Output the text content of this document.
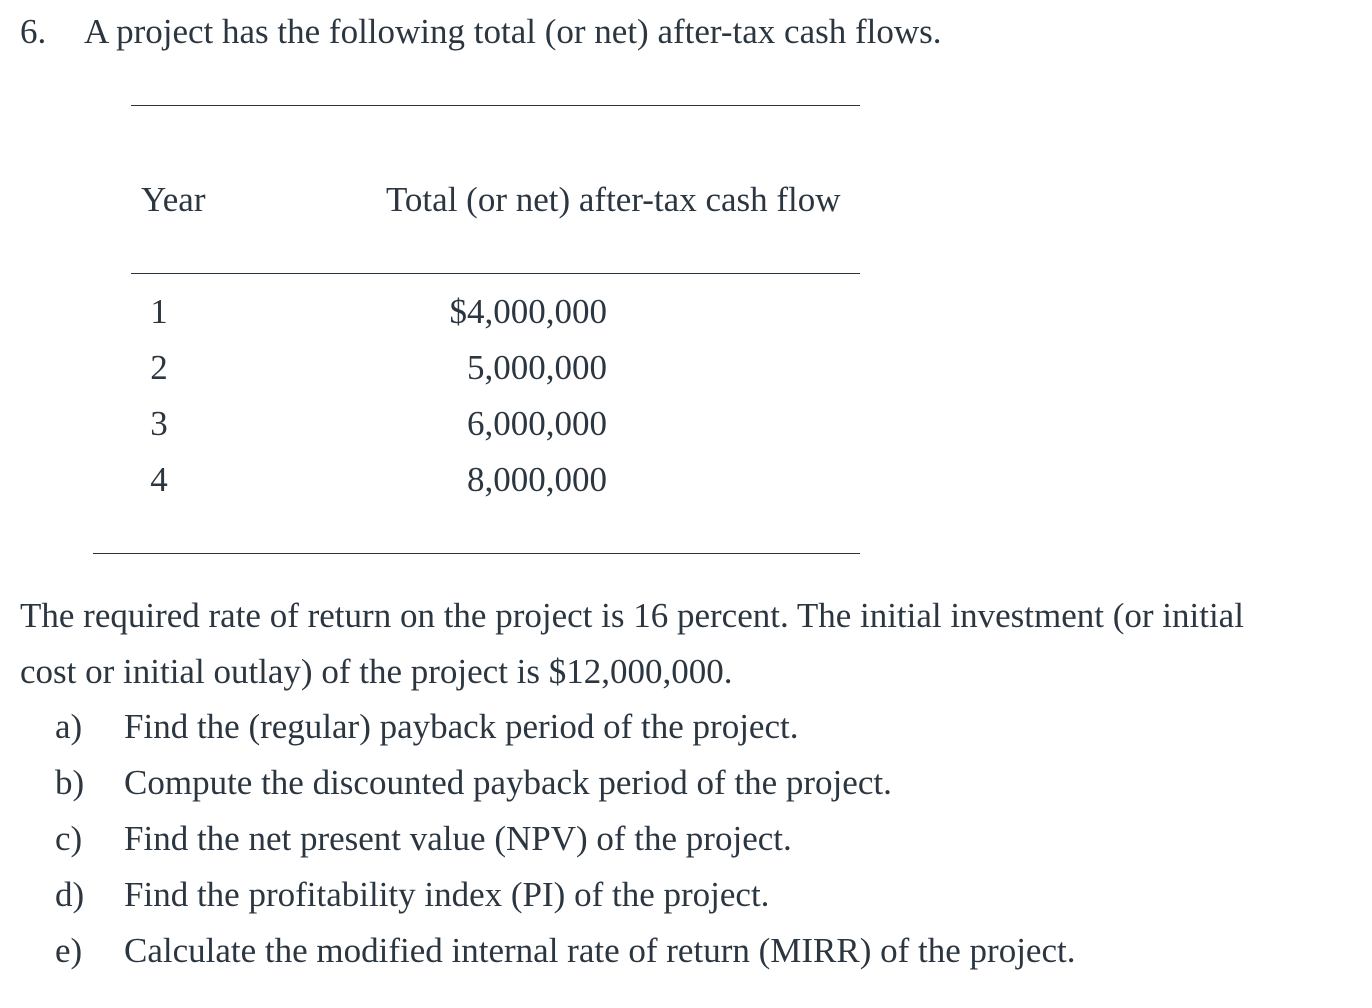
6. A project has the following total (or net) after-tax cash flows.
Year	Total (or net) after-tax cash flow
1	$4,000,000
2	5,000,000
3	6,000,000
4	8,000,000
The required rate of return on the project is 16 percent. The initial investment (or initial
cost or initial outlay) of the project is $12,000,000.
a) Find the (regular) payback period of the project.
b) Compute the discounted payback period of the project.
c) Find the net present value (NPV) of the project.
d) Find the profitability index (PI) of the project.
e) Calculate the modified internal rate of return (MIRR) of the project.
